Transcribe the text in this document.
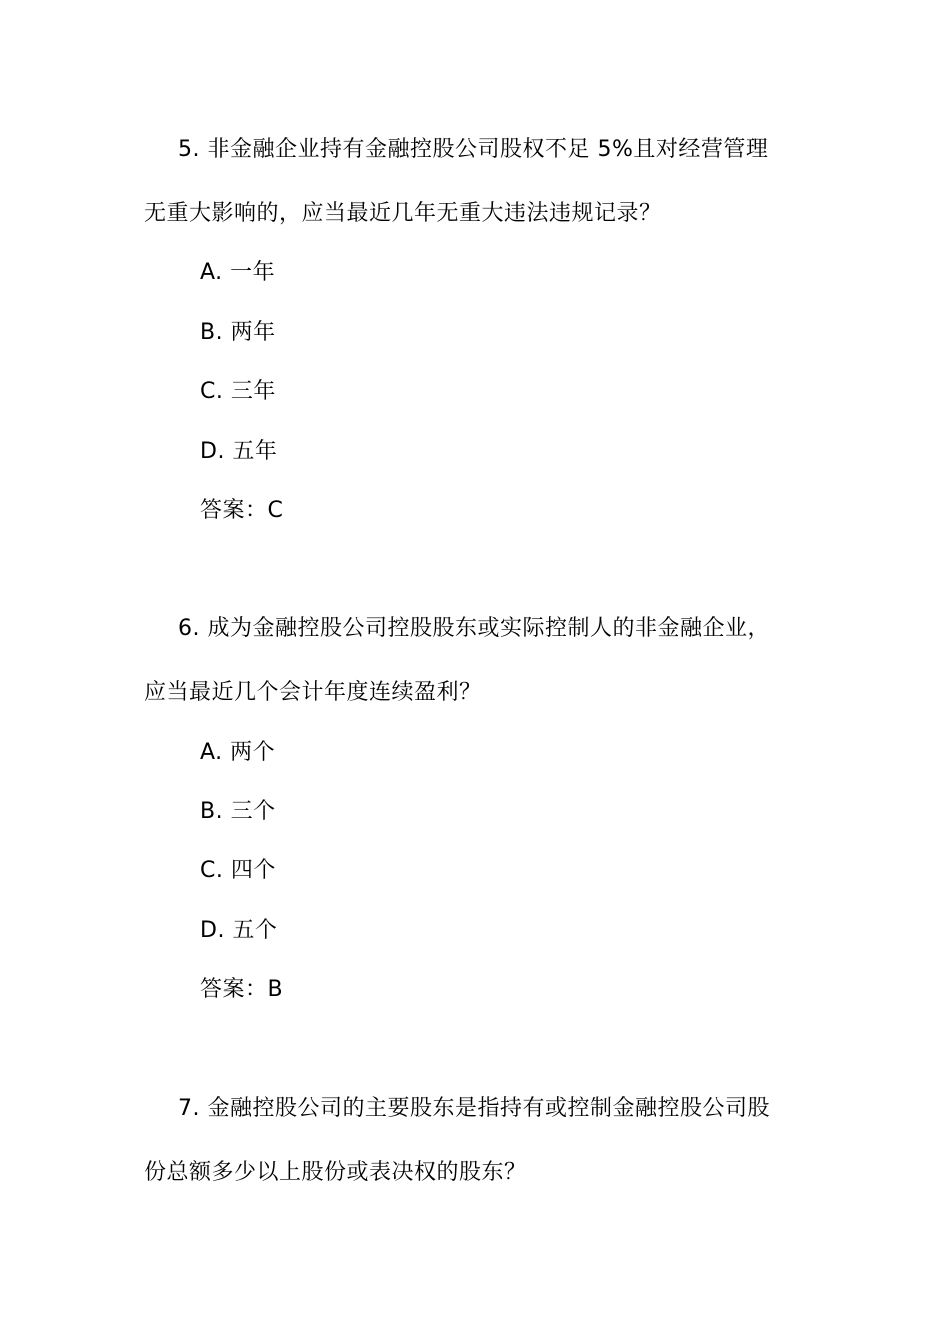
5. 非金融企业持有金融控股公司股权不足 5%且对经营管理
无重大影响的，应当最近几年无重大违法违规记录？
A. 一年
B. 两年
C. 三年
D. 五年
答案：C
6. 成为金融控股公司控股股东或实际控制人的非金融企业，
应当最近几个会计年度连续盈利？
A. 两个
B. 三个
C. 四个
D. 五个
答案：B
7. 金融控股公司的主要股东是指持有或控制金融控股公司股
份总额多少以上股份或表决权的股东？
